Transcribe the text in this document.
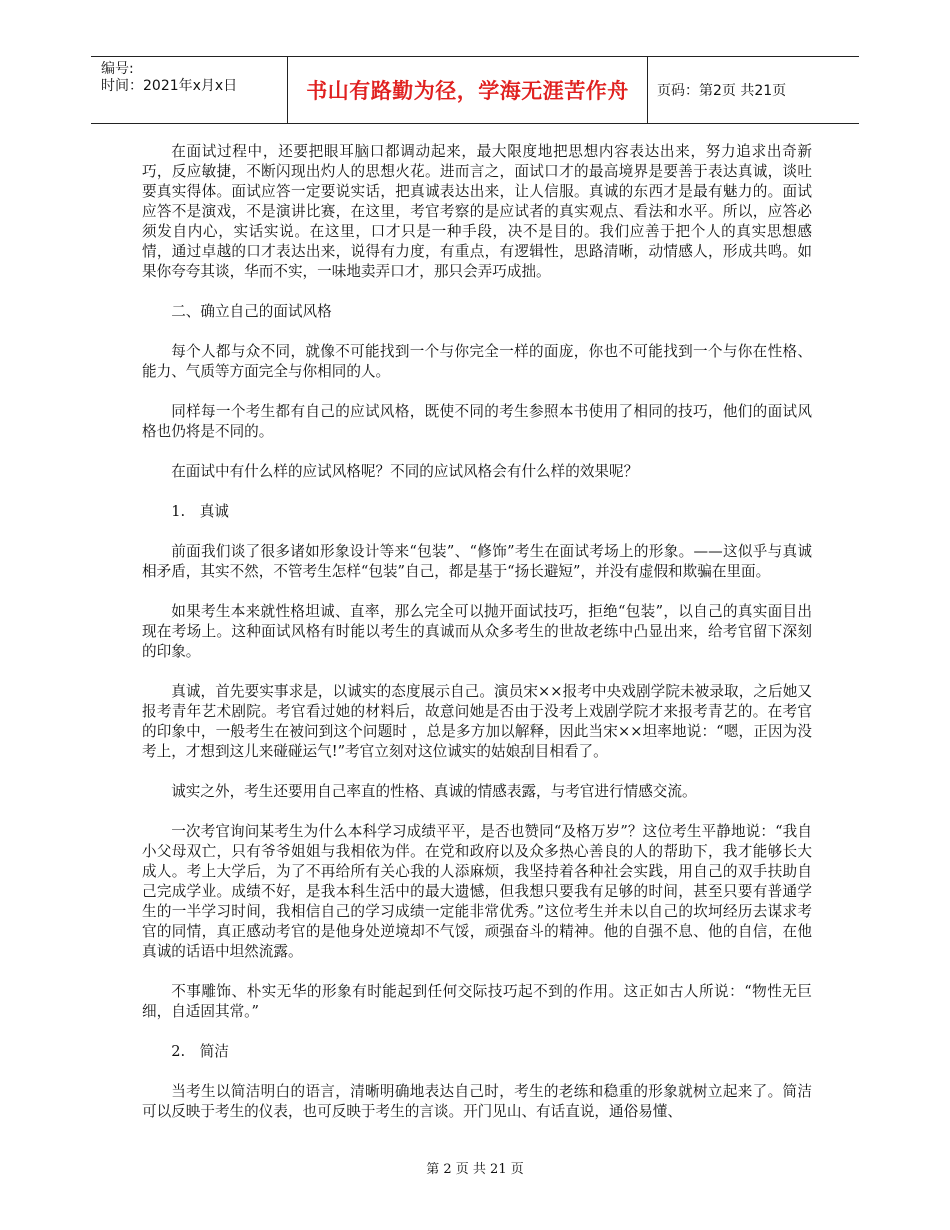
编号:
时间：2021年x月x日	书山有路勤为径，学海无涯苦作舟	页码：第2页 共21页

在面试过程中，还要把眼耳脑口都调动起来，最大限度地把思想内容表达出来，努力追求出奇新巧，反应敏捷，不断闪现出灼人的思想火花。进而言之，面试口才的最高境界是要善于表达真诚，谈吐要真实得体。面试应答一定要说实话，把真诚表达出来，让人信服。真诚的东西才是最有魅力的。面试应答不是演戏，不是演讲比赛，在这里，考官考察的是应试者的真实观点、看法和水平。所以，应答必须发自内心，实话实说。在这里，口才只是一种手段，决不是目的。我们应善于把个人的真实思想感情，通过卓越的口才表达出来，说得有力度，有重点，有逻辑性，思路清晰，动情感人，形成共鸣。如果你夸夸其谈，华而不实，一味地卖弄口才，那只会弄巧成拙。

二、确立自己的面试风格

每个人都与众不同，就像不可能找到一个与你完全一样的面庞，你也不可能找到一个与你在性格、能力、气质等方面完全与你相同的人。

同样每一个考生都有自己的应试风格，既使不同的考生参照本书使用了相同的技巧，他们的面试风格也仍将是不同的。

在面试中有什么样的应试风格呢？不同的应试风格会有什么样的效果呢？

1.　真诚

前面我们谈了很多诸如形象设计等来“包装”、“修饰”考生在面试考场上的形象。——这似乎与真诚相矛盾，其实不然，不管考生怎样“包装”自己，都是基于“扬长避短”，并没有虚假和欺骗在里面。

如果考生本来就性格坦诚、直率，那么完全可以抛开面试技巧，拒绝“包装”，以自己的真实面目出现在考场上。这种面试风格有时能以考生的真诚而从众多考生的世故老练中凸显出来，给考官留下深刻的印象。

真诚，首先要实事求是，以诚实的态度展示自己。演员宋××报考中央戏剧学院未被录取，之后她又报考青年艺术剧院。考官看过她的材料后，故意问她是否由于没考上戏剧学院才来报考青艺的。在考官的印象中，一般考生在被问到这个问题时 ，总是多方加以解释，因此当宋××坦率地说：“嗯，正因为没考上，才想到这儿来碰碰运气!”考官立刻对这位诚实的姑娘刮目相看了。

诚实之外，考生还要用自己率直的性格、真诚的情感表露，与考官进行情感交流。

一次考官询问某考生为什么本科学习成绩平平，是否也赞同“及格万岁”？这位考生平静地说：“我自小父母双亡，只有爷爷姐姐与我相依为伴。在党和政府以及众多热心善良的人的帮助下，我才能够长大成人。考上大学后，为了不再给所有关心我的人添麻烦，我坚持着各种社会实践，用自己的双手扶助自己完成学业。成绩不好，是我本科生活中的最大遗憾，但我想只要我有足够的时间，甚至只要有普通学生的一半学习时间，我相信自己的学习成绩一定能非常优秀。”这位考生并未以自己的坎坷经历去谋求考官的同情，真正感动考官的是他身处逆境却不气馁，顽强奋斗的精神。他的自强不息、他的自信，在他真诚的话语中坦然流露。

不事雕饰、朴实无华的形象有时能起到任何交际技巧起不到的作用。这正如古人所说：“物性无巨细，自适固其常。”

2.　简洁

当考生以简洁明白的语言，清晰明确地表达自己时，考生的老练和稳重的形象就树立起来了。简洁可以反映于考生的仪表，也可反映于考生的言谈。开门见山、有话直说，通俗易懂、

第 2 页 共 21 页
